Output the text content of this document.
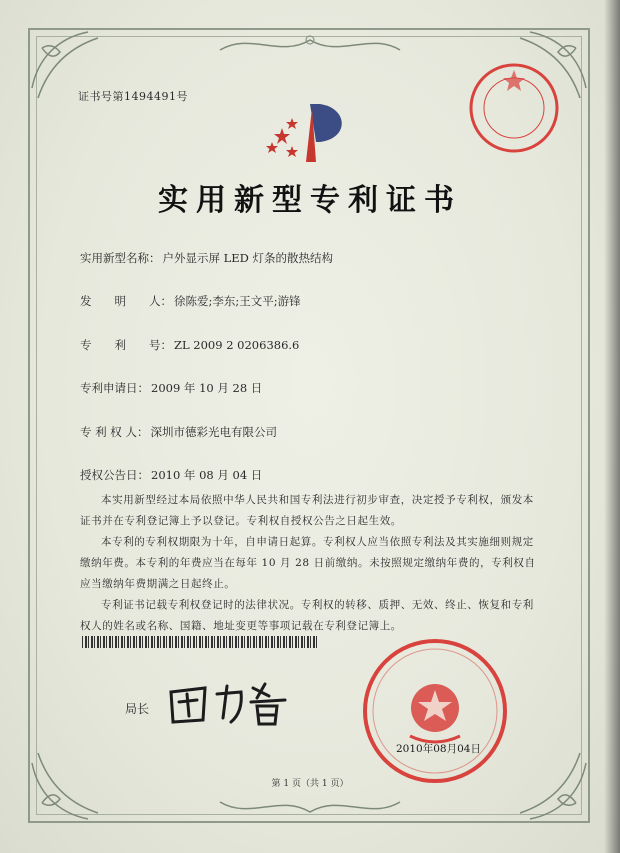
证书号第1494491号
实用新型专利证书
实用新型名称： 户外显示屏 LED 灯条的散热结构
发　　明　　人： 徐陈爱;李东;王文平;游锋
专　　利　　号： ZL 2009 2 0206386.6
专利申请日： 2009 年 10 月 28 日
专 利 权 人： 深圳市德彩光电有限公司
授权公告日： 2010 年 08 月 04 日

本实用新型经过本局依照中华人民共和国专利法进行初步审查，决定授予专利权，颁发本证书并在专利登记簿上予以登记。专利权自授权公告之日起生效。

本专利的专利权期限为十年，自申请日起算。专利权人应当依照专利法及其实施细则规定缴纳年费。本专利的年费应当在每年 10 月 28 日前缴纳。未按照规定缴纳年费的，专利权自应当缴纳年费期满之日起终止。

专利证书记载专利权登记时的法律状况。专利权的转移、质押、无效、终止、恢复和专利权人的姓名或名称、国籍、地址变更等事项记载在专利登记簿上。

局长
2010年08月04日
第 1 页（共 1 页）
